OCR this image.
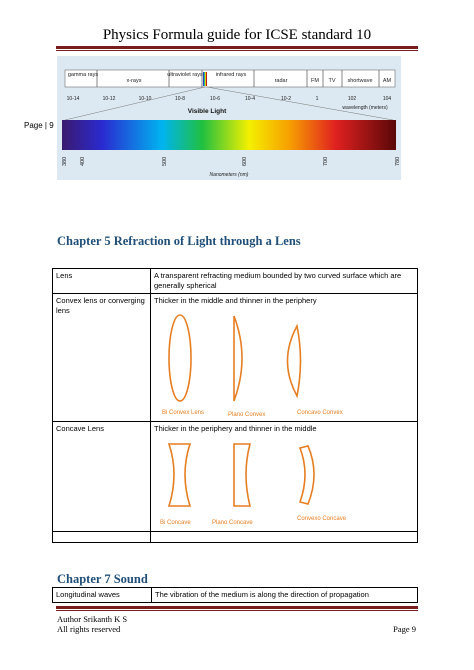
Physics Formula guide for ICSE standard 10
Page | 9
gamma rays
x-rays
ultraviolet rays infrared rays
radar	FM TV shortwave AM
10-14	10-12	10-10	10-8	10-6	10-4	10-2	1	102	104
wavelength (meters)
Visible Light
380 400	500	600	700	780
Nanometers (nm)
Chapter 5 Refraction of Light through a Lens
Lens	A transparent refracting medium bounded by two curved surface which are generally spherical
Convex lens or converging lens	Thicker in the middle and thinner in the periphery
Bi Convex Lens Plano Convex Concavo Convex

Concave Lens	Thicker in the periphery and thinner in the middle
Bi Concave Plano Concave
Convexo Concave

Chapter 7 Sound
Longitudinal waves	The vibration of the medium is along the direction of propagation
Author Srikanth K S
All rights reserved	Page 9
